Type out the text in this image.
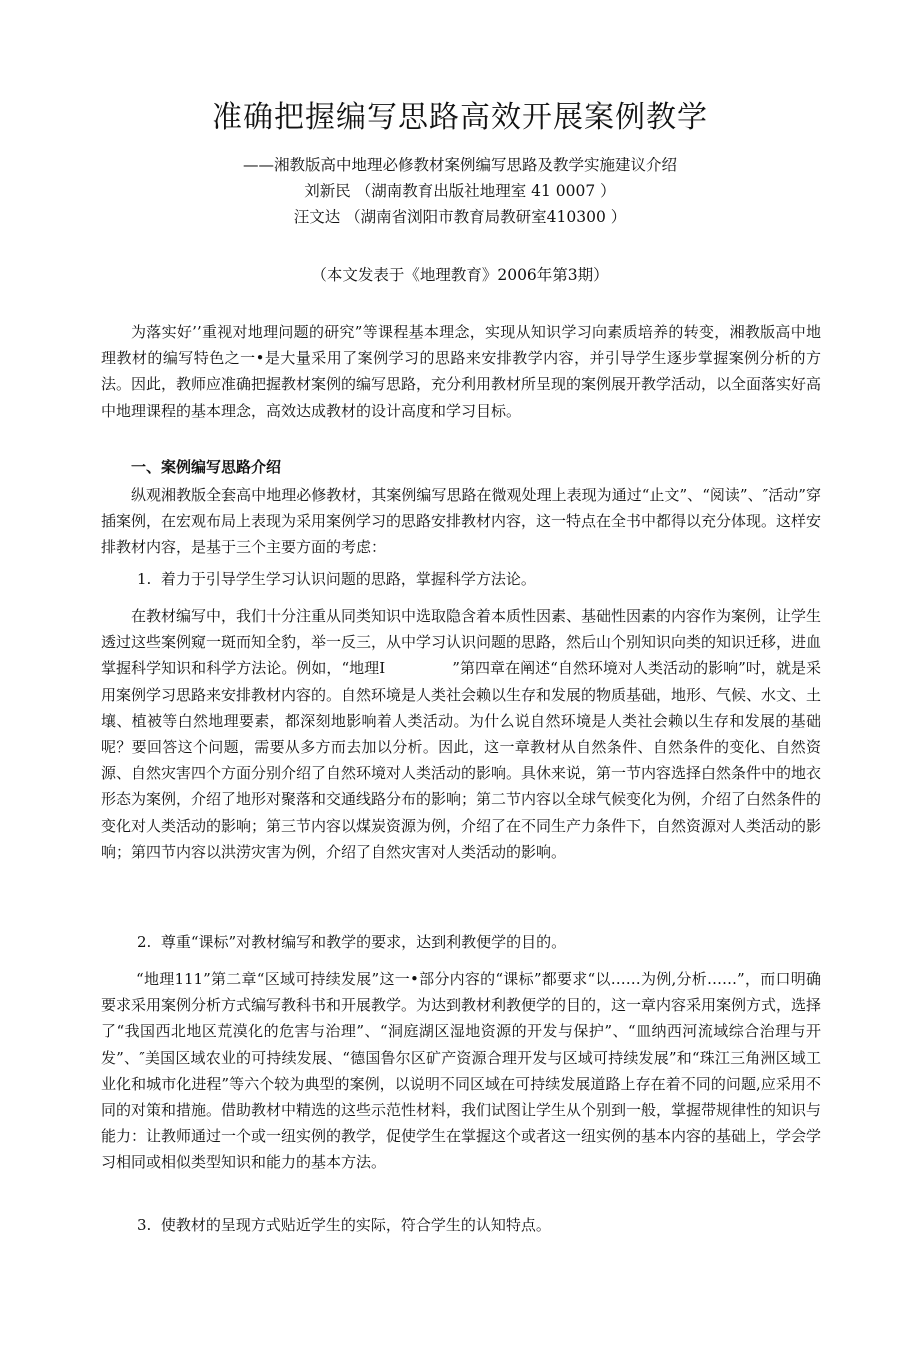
准确把握编写思路高效开展案例教学
——湘教版高中地理必修教材案例编写思路及教学实施建议介绍
刘新民 （湖南教育出版社地理室 41 0007 ）
汪文达 （湖南省浏阳市教育局教研室410300 ）
（本文发表于《地理教育》2006年第3期）

为落实好’’重视对地理问题的研究”等课程基本理念，实现从知识学习向素质培养的转变，湘教版高中地理教材的编写特色之一•是大量采用了案例学习的思路来安排教学内容，并引导学生逐步掌握案例分析的方法。因此，教师应准确把握教材案例的编写思路，充分利用教材所呈现的案例展开教学活动，以全面落实好高中地理课程的基本理念，高效达成教材的设计高度和学习目标。

一、案例编写思路介绍

纵观湘教版全套高中地理必修教材，其案例编写思路在微观处理上表现为通过“止文”、“阅读”、″活动”穿插案例，在宏观布局上表现为采用案例学习的思路安排教材内容，这一特点在全书中都得以充分体现。这样安排教材内容，是基于三个主要方面的考虑：

1.  着力于引导学生学习认识问题的思路，掌握科学方法论。

在教材编写中，我们十分注重从同类知识中选取隐含着本质性因素、基础性因素的内容作为案例，让学生透过这些案例窥一斑而知全豹，举一反三，从中学习认识问题的思路，然后山个别知识向类的知识迁移，进血掌握科学知识和科学方法论。例如，“地理I              ”第四章在阐述“自然环境对人类活动的影响”吋，就是采用案例学习思路来安排教材内容的。自然环境是人类社会赖以生存和发展的物质基础，地形、气候、水文、土壤、植被等白然地理要素，都深刻地影响着人类活动。为什么说自然环境是人类社会赖以生存和发展的基础呢？要回答这个问题，需要从多方而去加以分析。因此，这一章教材从自然条件、自然条件的变化、自然资源、自然灾害四个方面分别介绍了自然环境对人类活动的影响。具休来说，第一节内容选择白然条件中的地衣形态为案例，介绍了地形对聚落和交通线路分布的影响；第二节内容以全球气候变化为例，介绍了白然条件的变化对人类活动的影响；第三节内容以煤炭资源为例，介绍了在不同生产力条件下，自然资源对人类活动的影响；第四节内容以洪涝灾害为例，介绍了自然灾害对人类活动的影响。

2.  尊重“课标”对教材编写和教学的要求，达到利教便学的目的。

“地理111”第二章“区域可持续发展”这一•部分内容的“课标”都要求“以……为例,分析……”，而口明确要求采用案例分析方式编写教科书和开展教学。为达到教材利教便学的目的，这一章内容采用案例方式，选择了“我国西北地区荒漠化的危害与治理”、“洞庭湖区湿地资源的开发与保护”、“皿纳西河流域综合治理与开发”、″美国区域农业的可持续发展、“德国鲁尔区矿产资源合理开发与区域可持续发展”和“珠江三角洲区域工业化和城市化进程”等六个较为典型的案例，以说明不同区域在可持续发展道路上存在着不同的问题,应采用不同的对策和措施。借助教材中精选的这些示范性材料，我们试图让学生从个别到一般，掌握带规律性的知识与能力：让教师通过一个或一纽实例的教学，促使学生在掌握这个或者这一纽实例的基本内容的基础上，学会学习相同或相似类型知识和能力的基本方法。

3.  使教材的呈现方式贴近学生的实际，符合学生的认知特点。
